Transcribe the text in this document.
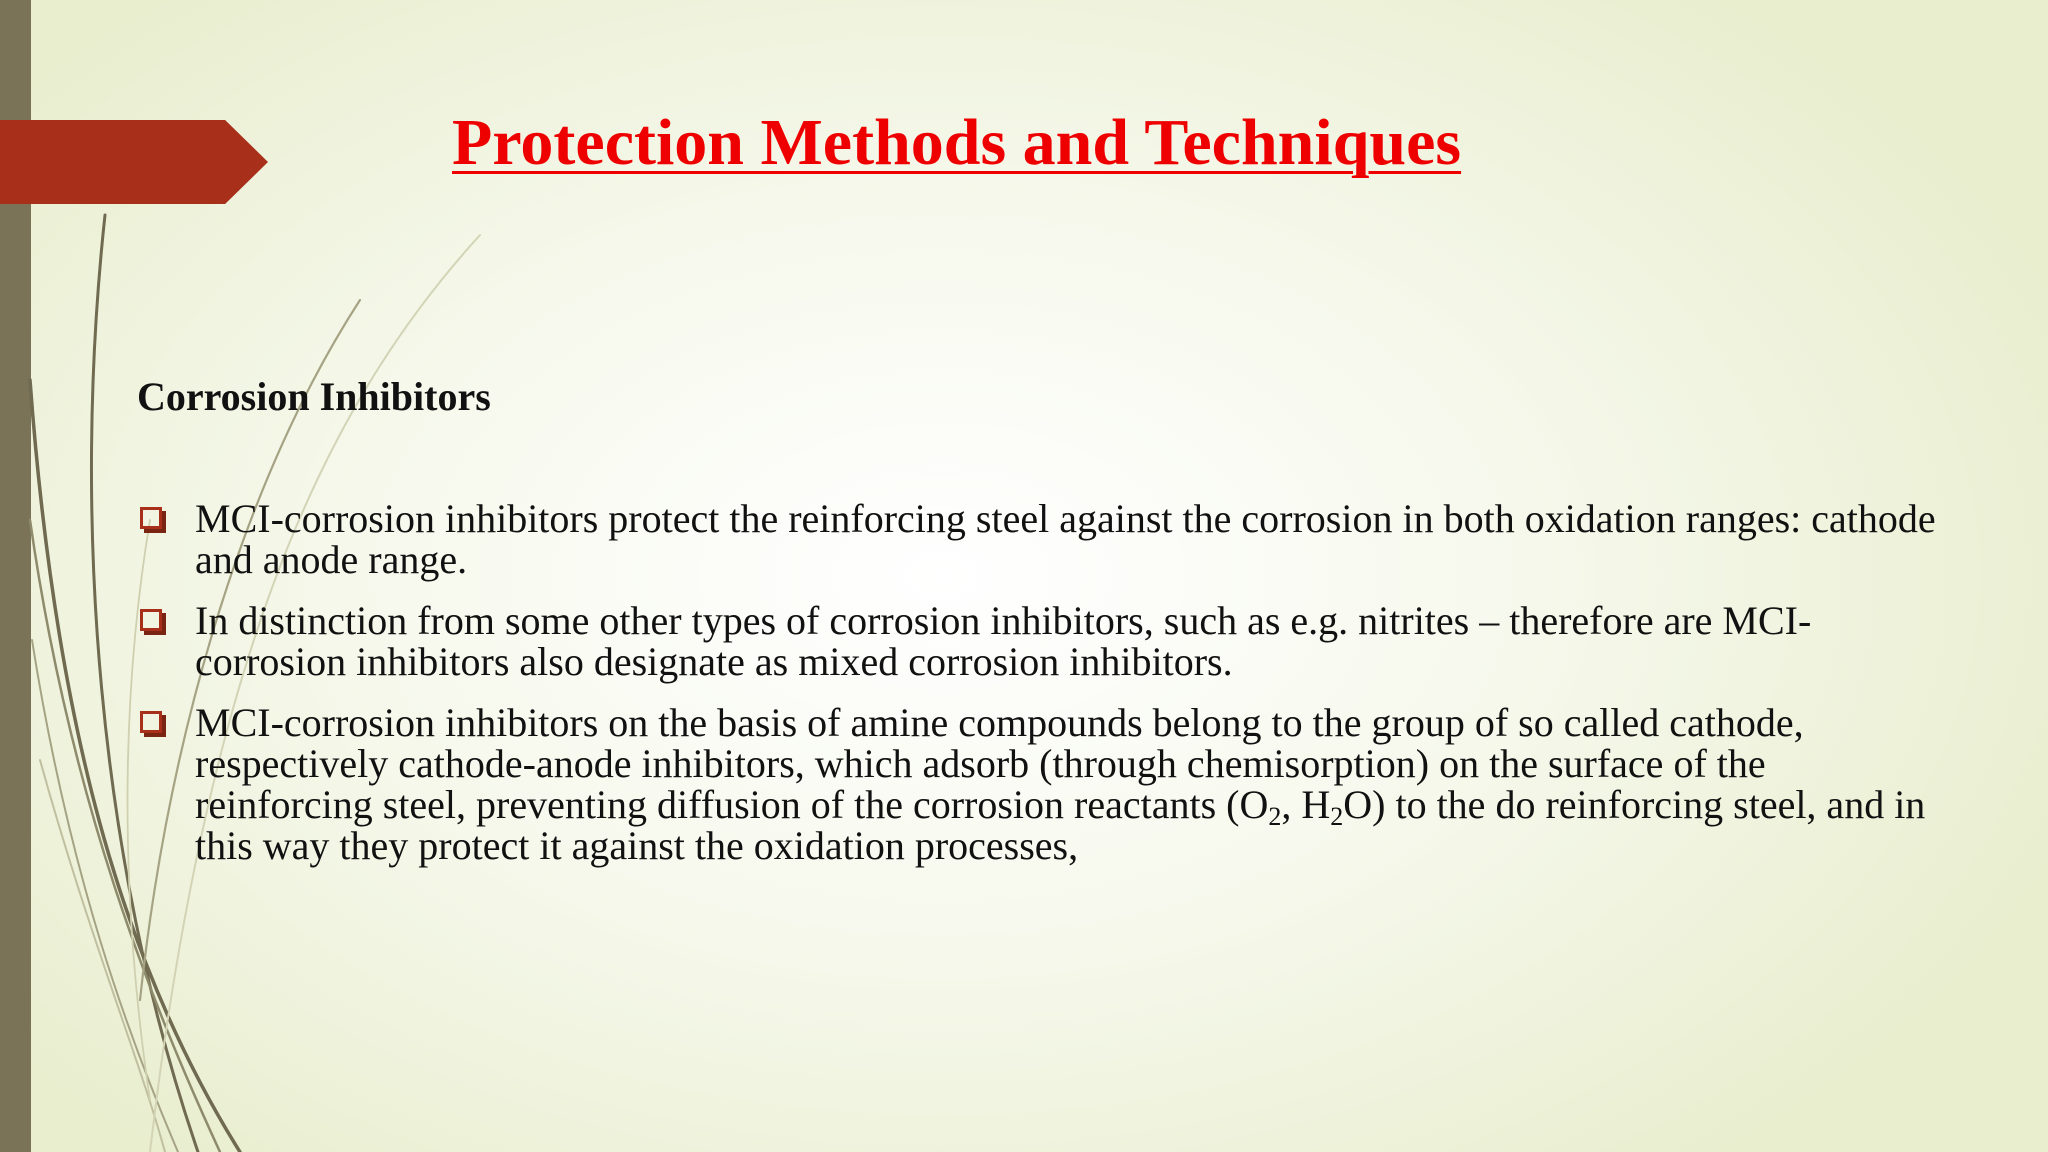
Protection Methods and Techniques
Corrosion Inhibitors
MCI-corrosion inhibitors protect the reinforcing steel against the corrosion in both oxidation ranges: cathode and anode range.
In distinction from some other types of corrosion inhibitors, such as e.g. nitrites – therefore are MCI-corrosion inhibitors also designate as mixed corrosion inhibitors.
MCI-corrosion inhibitors on the basis of amine compounds belong to the group of so called cathode, respectively cathode-anode inhibitors, which adsorb (through chemisorption) on the surface of the reinforcing steel, preventing diffusion of the corrosion reactants ($O_2$, $H_2O$) to the do reinforcing steel, and in this way they protect it against the oxidation processes,
